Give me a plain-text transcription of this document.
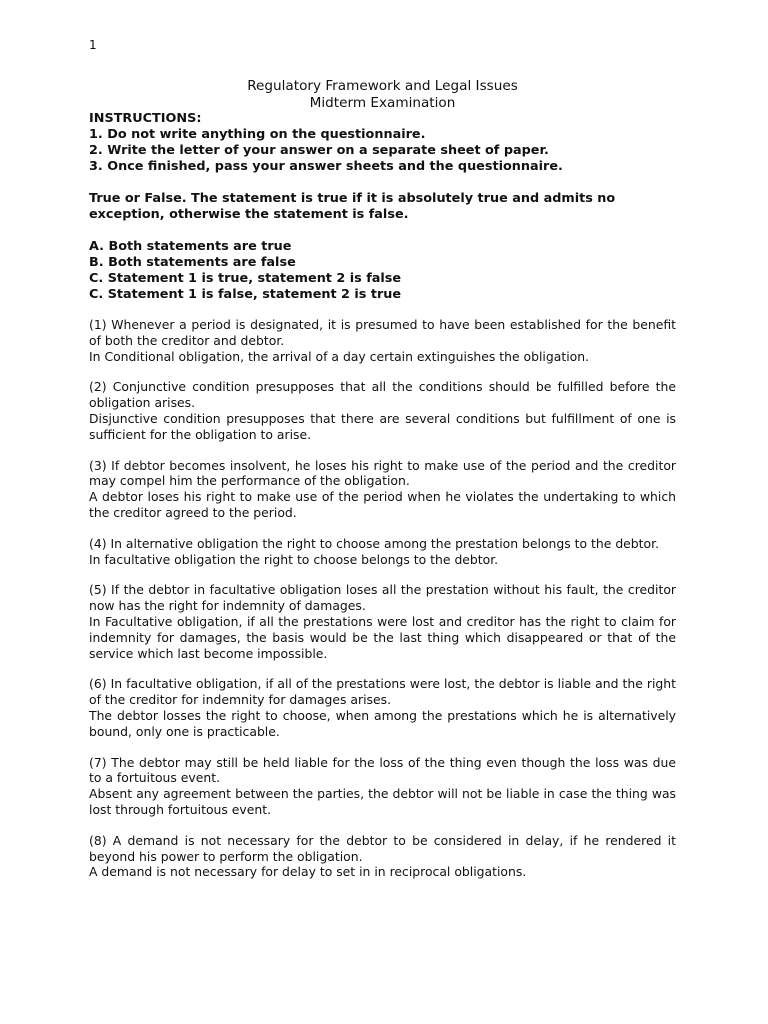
1
Regulatory Framework and Legal Issues
Midterm Examination
INSTRUCTIONS:
1. Do not write anything on the questionnaire.
2. Write the letter of your answer on a separate sheet of paper.
3. Once finished, pass your answer sheets and the questionnaire.
True or False. The statement is true if it is absolutely true and admits no exception, otherwise the statement is false.
A. Both statements are true
B. Both statements are false
C. Statement 1 is true, statement 2 is false
C. Statement 1 is false, statement 2 is true

(1) Whenever a period is designated, it is presumed to have been established for the benefit of both the creditor and debtor.

In Conditional obligation, the arrival of a day certain extinguishes the obligation.

(2) Conjunctive condition presupposes that all the conditions should be fulfilled before the obligation arises.

Disjunctive condition presupposes that there are several conditions but fulfillment of one is sufficient for the obligation to arise.

(3) If debtor becomes insolvent, he loses his right to make use of the period and the creditor may compel him the performance of the obligation.

A debtor loses his right to make use of the period when he violates the undertaking to which the creditor agreed to the period.

(4) In alternative obligation the right to choose among the prestation belongs to the debtor.

In facultative obligation the right to choose belongs to the debtor.

(5) If the debtor in facultative obligation loses all the prestation without his fault, the creditor now has the right for indemnity of damages.

In Facultative obligation, if all the prestations were lost and creditor has the right to claim for indemnity for damages, the basis would be the last thing which disappeared or that of the service which last become impossible.

(6) In facultative obligation, if all of the prestations were lost, the debtor is liable and the right of the creditor for indemnity for damages arises.

The debtor losses the right to choose, when among the prestations which he is alternatively bound, only one is practicable.

(7) The debtor may still be held liable for the loss of the thing even though the loss was due to a fortuitous event.

Absent any agreement between the parties, the debtor will not be liable in case the thing was lost through fortuitous event.

(8) A demand is not necessary for the debtor to be considered in delay, if he rendered it beyond his power to perform the obligation.

A demand is not necessary for delay to set in in reciprocal obligations.
